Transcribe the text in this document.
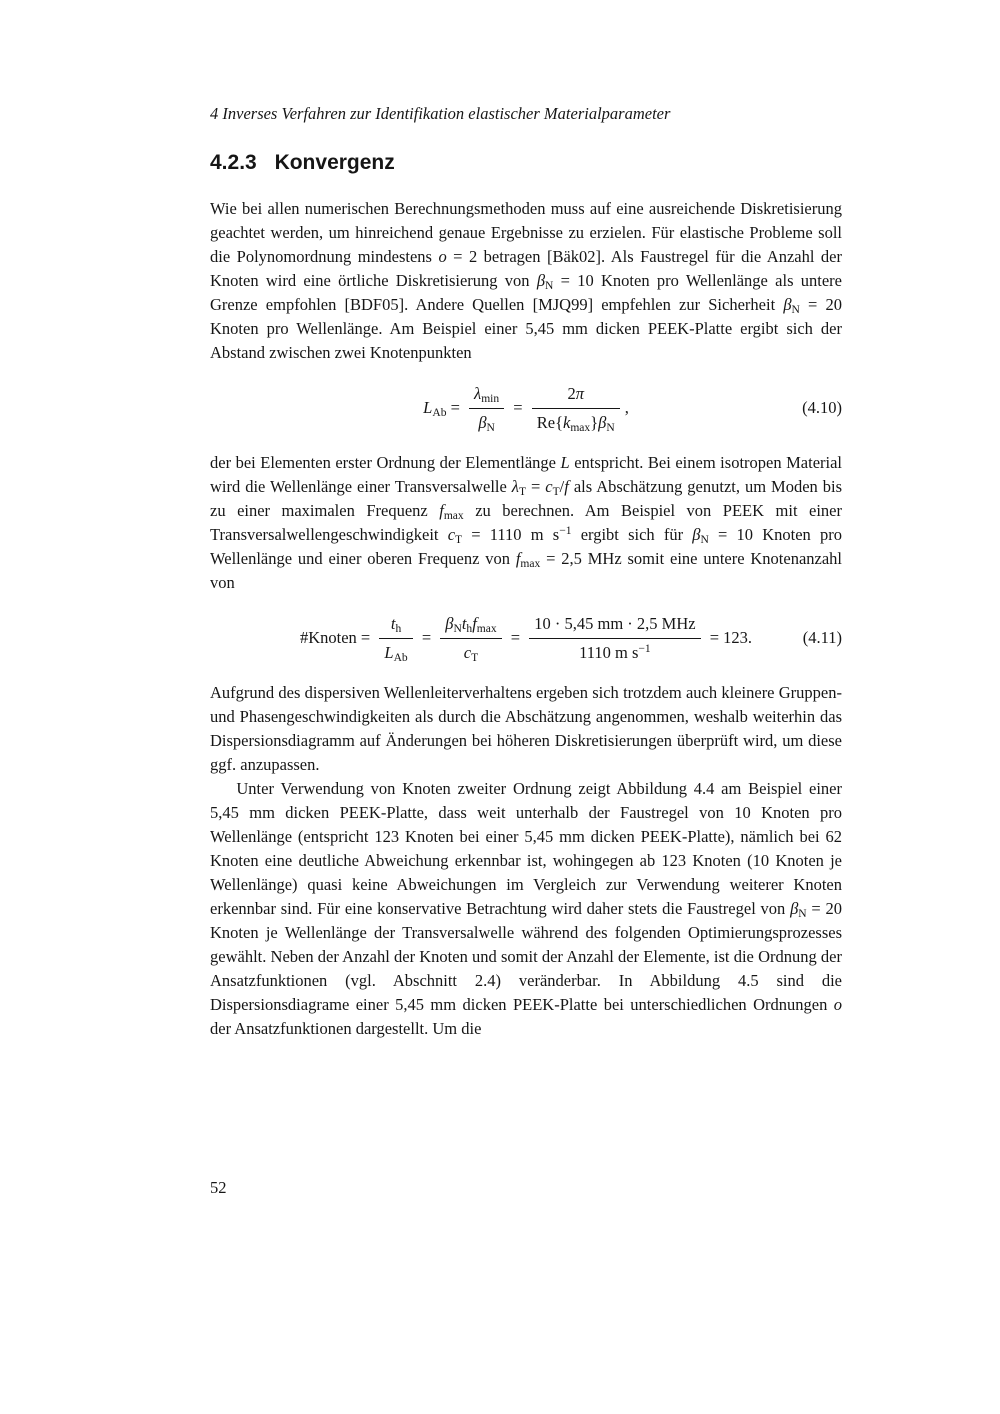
4 Inverses Verfahren zur Identifikation elastischer Materialparameter
4.2.3 Konvergenz

Wie bei allen numerischen Berechnungsmethoden muss auf eine ausreichende Diskretisierung geachtet werden, um hinreichend genaue Ergebnisse zu erzielen. Für elastische Probleme soll die Polynomordnung mindestens o = 2 betragen [Bäk02]. Als Faustregel für die Anzahl der Knoten wird eine örtliche Diskretisierung von $\beta_N = 10$ Knoten pro Wellenlänge als untere Grenze empfohlen [BDF05]. Andere Quellen [MJQ99] empfehlen zur Sicherheit $\beta_N = 20$ Knoten pro Wellenlänge. Am Beispiel einer 5,45 mm dicken PEEK-Platte ergibt sich der Abstand zwischen zwei Knotenpunkten

$L_{Ab} = \frac{\lambda_{min}}{\beta_N} = \frac{2\pi}{Re\{k_{max}\}\beta_N}$ ,	(4.10)

der bei Elementen erster Ordnung der Elementlänge L entspricht. Bei einem isotropen Material wird die Wellenlänge einer Transversalwelle $\lambda_T = c_T/f$ als Abschätzung genutzt, um Moden bis zu einer maximalen Frequenz $f_{max}$ zu berechnen. Am Beispiel von PEEK mit einer Transversalwellengeschwindigkeit $c_T = 1110$ m $s^{-1}$ ergibt sich für $\beta_N = 10$ Knoten pro Wellenlänge und einer oberen Frequenz von $f_{max} = 2,5$ MHz somit eine untere Knotenanzahl von

#Knoten = $\frac{t_h}{L_{Ab}} = \frac{\beta_Nt_hf_{max}}{c_T} = \frac{\text{10 · 5,45 mm · 2,5 MHz}}{1110 m s^{-1}} = 123$.	(4.11)

Aufgrund des dispersiven Wellenleiterverhaltens ergeben sich trotzdem auch kleinere Gruppen- und Phasengeschwindigkeiten als durch die Abschätzung angenommen, weshalb weiterhin das Dispersionsdiagramm auf Änderungen bei höheren Diskretisierungen überprüft wird, um diese ggf. anzupassen.

Unter Verwendung von Knoten zweiter Ordnung zeigt Abbildung 4.4 am Beispiel einer 5,45 mm dicken PEEK-Platte, dass weit unterhalb der Faustregel von 10 Knoten pro Wellenlänge (entspricht 123 Knoten bei einer 5,45 mm dicken PEEK-Platte), nämlich bei 62 Knoten eine deutliche Abweichung erkennbar ist, wohingegen ab 123 Knoten (10 Knoten je Wellenlänge) quasi keine Abweichungen im Vergleich zur Verwendung weiterer Knoten erkennbar sind. Für eine konservative Betrachtung wird daher stets die Faustregel von $\beta_N = 20$ Knoten je Wellenlänge der Transversalwelle während des folgenden Optimierungsprozesses gewählt. Neben der Anzahl der Knoten und somit der Anzahl der Elemente, ist die Ordnung der Ansatzfunktionen (vgl. Abschnitt 2.4) veränderbar. In Abbildung 4.5 sind die Dispersionsdiagrame einer 5,45 mm dicken PEEK-Platte bei unterschiedlichen Ordnungen o der Ansatzfunktionen dargestellt. Um die

52
